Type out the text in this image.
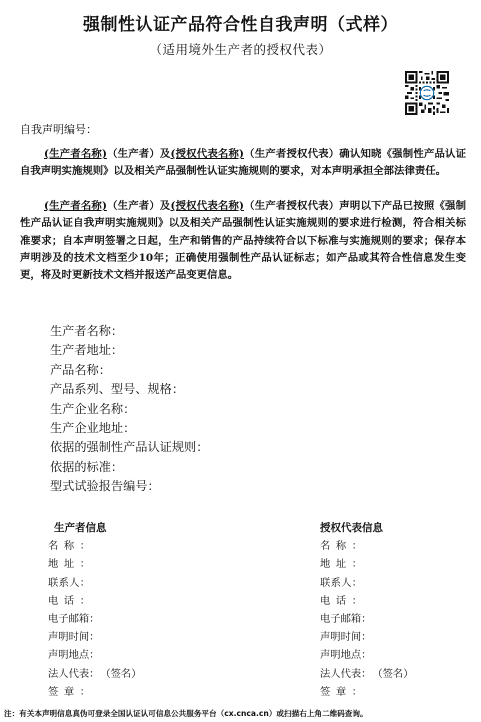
强制性认证产品符合性自我声明（式样）
（适用境外生产者的授权代表）
自我声明编号：
(生产者名称)（生产者）及(授权代表名称)（生产者授权代表）确认知晓《强制性产品认证自我声明实施规则》以及相关产品强制性认证实施规则的要求，对本声明承担全部法律责任。
(生产者名称)（生产者）及(授权代表名称)（生产者授权代表）声明以下产品已按照《强制性产品认证自我声明实施规则》以及相关产品强制性认证实施规则的要求进行检测，符合相关标准要求；自本声明签署之日起，生产和销售的产品持续符合以下标准与实施规则的要求；保存本声明涉及的技术文档至少10年；正确使用强制性产品认证标志；如产品或其符合性信息发生变更，将及时更新技术文档并报送产品变更信息。
生产者名称：
生产者地址：
产品名称：
产品系列、型号、规格：
生产企业名称：
生产企业地址：
依据的强制性产品认证规则：
依据的标准：
型式试验报告编号：
生产者信息
名称：
地址：
联系人：
电话：
电子邮箱：
声明时间：
声明地点：
法人代表： （签名）
签章：
授权代表信息
名称：
地址：
联系人：
电话：
电子邮箱：
声明时间：
声明地点：
法人代表： （签名）
签章：
注：有关本声明信息真伪可登录全国认证认可信息公共服务平台（cx.cnca.cn）或扫描右上角二维码查询。
